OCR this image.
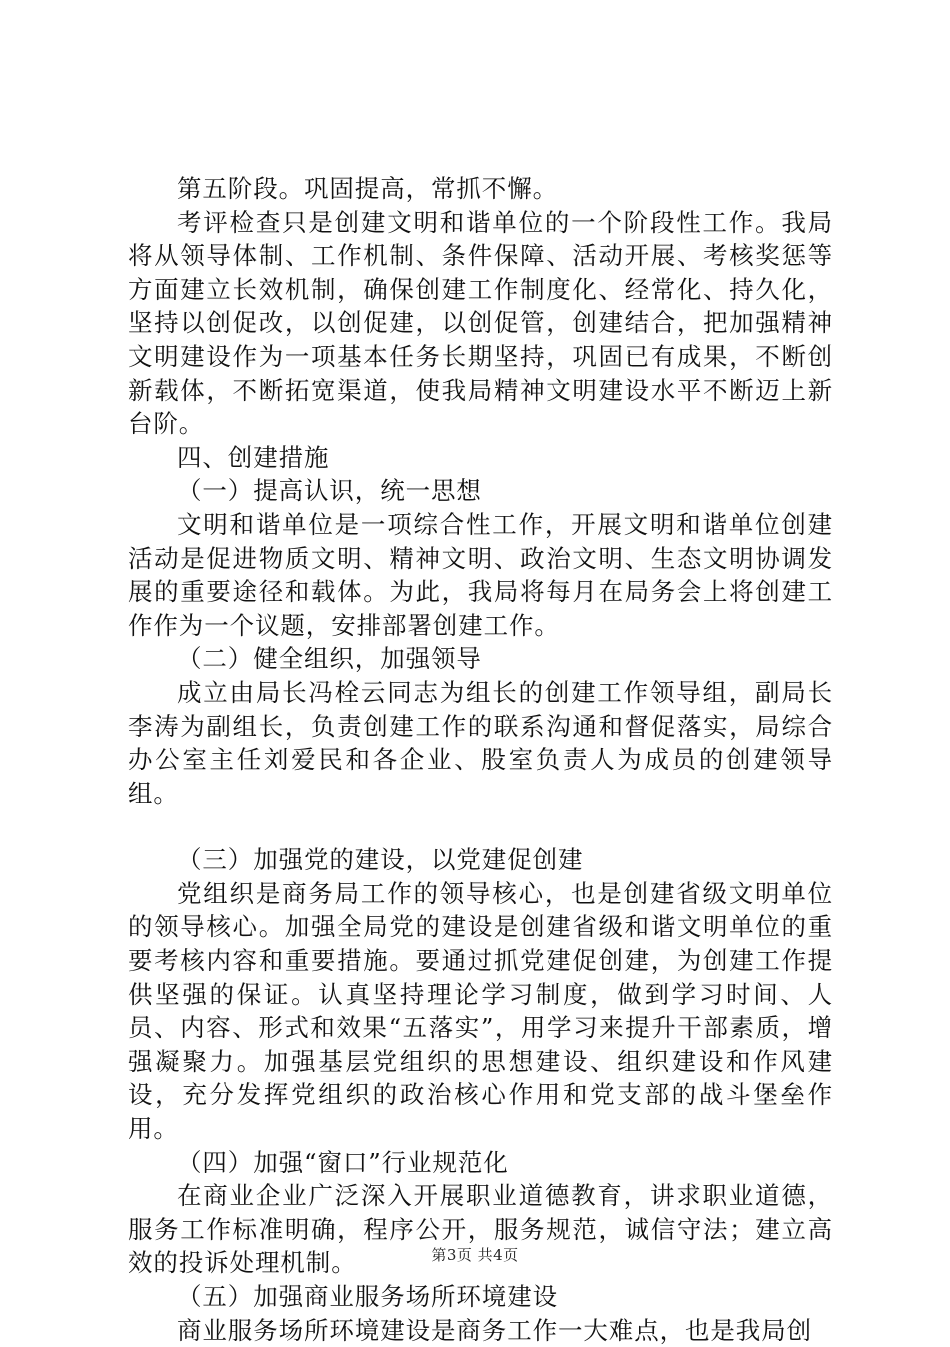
第五阶段。巩固提高，常抓不懈。

考评检查只是创建文明和谐单位的一个阶段性工作。我局将从领导体制、工作机制、条件保障、活动开展、考核奖惩等方面建立长效机制，确保创建工作制度化、经常化、持久化，坚持以创促改，以创促建，以创促管，创建结合，把加强精神文明建设作为一项基本任务长期坚持，巩固已有成果，不断创新载体，不断拓宽渠道，使我局精神文明建设水平不断迈上新台阶。

四、创建措施

（一）提高认识，统一思想

文明和谐单位是一项综合性工作，开展文明和谐单位创建活动是促进物质文明、精神文明、政治文明、生态文明协调发展的重要途径和载体。为此，我局将每月在局务会上将创建工作作为一个议题，安排部署创建工作。

（二）健全组织，加强领导

成立由局长冯栓云同志为组长的创建工作领导组，副局长李涛为副组长，负责创建工作的联系沟通和督促落实，局综合办公室主任刘爱民和各企业、股室负责人为成员的创建领导组。

（三）加强党的建设，以党建促创建

党组织是商务局工作的领导核心，也是创建省级文明单位的领导核心。加强全局党的建设是创建省级和谐文明单位的重要考核内容和重要措施。要通过抓党建促创建，为创建工作提供坚强的保证。认真坚持理论学习制度，做到学习时间、人员、内容、形式和效果“五落实”，用学习来提升干部素质，增强凝聚力。加强基层党组织的思想建设、组织建设和作风建设，充分发挥党组织的政治核心作用和党支部的战斗堡垒作用。

（四）加强“窗口”行业规范化

在商业企业广泛深入开展职业道德教育，讲求职业道德，服务工作标准明确，程序公开，服务规范，诚信守法；建立高效的投诉处理机制。

（五）加强商业服务场所环境建设

商业服务场所环境建设是商务工作一大难点，也是我局创

第3页 共4页
